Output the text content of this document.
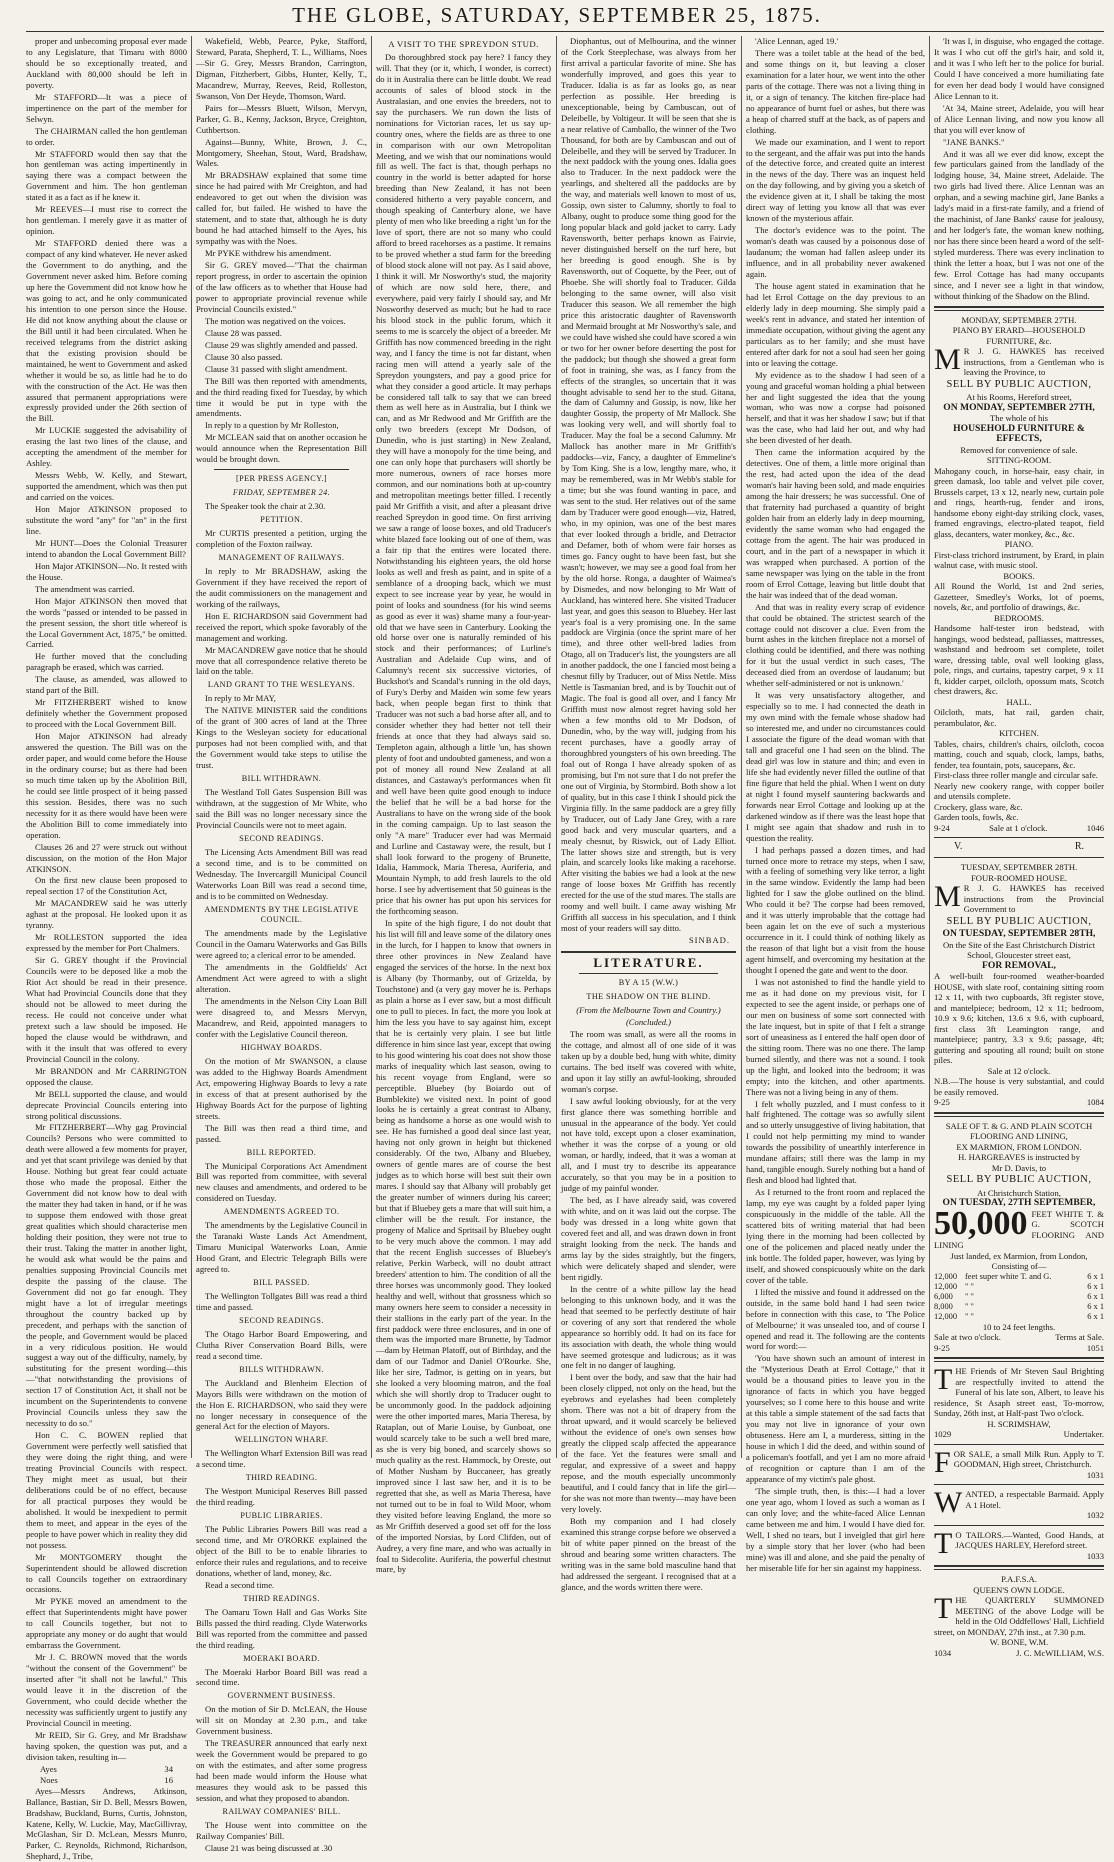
THE GLOBE, SATURDAY, SEPTEMBER 25, 1875.

proper and unbecoming proposal ever made to any Legislature, that Timaru with 8000 should be so exceptionally treated, and Auckland with 80,000 should be left in poverty.

Mr STAFFORD—It was a piece of impertinence on the part of the member for Selwyn.

The CHAIRMAN called the hon gentleman to order.

Mr STAFFORD would then say that the hon gentleman was acting impertinently in saying there was a compact between the Government and him. The hon gentleman stated it as a fact as if he knew it.

Mr REEVES—I must rise to correct the hon gentleman. I merely gave it as matter of opinion.

Mr STAFFORD denied there was a compact of any kind whatever. He never asked the Government to do anything, and the Government never asked him. Before coming up here the Government did not know how he was going to act, and he only communicated his intention to one person since the House. He did not know anything about the clause or the Bill until it had been circulated. When he received telegrams from the district asking that the existing provision should be maintained, he went to Government and asked whether it would be so, as little had he to do with the construction of the Act. He was then assured that permanent appropriations were expressly provided under the 26th section of the Bill.

Mr LUCKIE suggested the advisability of erasing the last two lines of the clause, and accepting the amendment of the member for Ashley.

Messrs Webb, W. Kelly, and Stewart, supported the amendment, which was then put and carried on the voices.

Hon Major ATKINSON proposed to substitute the word "any" for "an" in the first line.

Mr HUNT—Does the Colonial Treasurer intend to abandon the Local Government Bill?

Hon Major ATKINSON—No. It rested with the House.

The amendment was carried.

Hon Major ATKINSON then moved that the words "passed or intended to be passed in the present session, the short title whereof is the Local Government Act, 1875," be omitted. Carried.

He further moved that the concluding paragraph be erased, which was carried.

The clause, as amended, was allowed to stand part of the Bill.

Mr FITZHERBERT wished to know definitely whether the Government proposed to proceed with the Local Government Bill.

Hon Major ATKINSON had already answered the question. The Bill was on the order paper, and would come before the House in the ordinary course; but as there had been so much time taken up by the Abolition Bill, he could see little prospect of it being passed this session. Besides, there was no such necessity for it as there would have been were the Abolition Bill to come immediately into operation.

Clauses 26 and 27 were struck out without discussion, on the motion of the Hon Major ATKINSON.

On the first new clause been proposed to repeal section 17 of the Constitution Act,

Mr MACANDREW said he was utterly aghast at the proposal. He looked upon it as tyranny.

Mr ROLLESTON supported the idea expressed by the member for Port Chalmers.

Sir G. GREY thought if the Provincial Councils were to be deposed like a mob the Riot Act should be read in their presence. What had Provincial Councils done that they should not be allowed to meet during the recess. He could not conceive under what pretext such a law should be imposed. He hoped the clause would be withdrawn, and with it the insult that was offered to every Provincial Council in the colony.

Mr BRANDON and Mr CARRINGTON opposed the clause.

Mr BELL supported the clause, and would deprecate Provincial Councils entering into strong political discussions.

Mr FITZHERBERT—Why gag Provincial Councils? Persons who were committed to death were allowed a few moments for prayer, and yet that scant privilege was denied by that House. Nothing but great fear could actuate those who made the proposal. Either the Government did not know how to deal with the matter they had taken in hand, or if he was to suppose them endowed with those great great qualities which should characterise men holding their position, they were not true to their trust. Taking the matter in another light, he would ask what would be the pains and penalties supposing Provincial Councils met despite the passing of the clause. The Government did not go far enough. They might have a lot of irregular meetings throughout the country backed up by precedent, and perhaps with the sanction of the people, and Government would be placed in a very ridiculous position. He would suggest a way out of the difficulty, namely, by substituting for the present wording—this—"that notwithstanding the provisions of section 17 of Constitution Act, it shall not be incumbent on the Superintendents to convene Provincial Councils unless they saw the necessity to do so."

Hon C. C. BOWEN replied that Government were perfectly well satisfied that they were doing the right thing, and were treating Provincial Councils with respect. They might meet as usual, but their deliberations could be of no effect, because for all practical purposes they would be abolished. It would be inexpedient to permit them to meet, and appear in the eyes of the people to have power which in reality they did not possess.

Mr MONTGOMERY thought the Superintendent should be allowed discretion to call Councils together on extraordinary occasions.

Mr PYKE moved an amendment to the effect that Superintendents might have power to call Councils together, but not to appropriate any money or do aught that would embarrass the Government.

Mr J. C. BROWN moved that the words "without the consent of the Government" be inserted after "it shall not be lawful." This would leave it in the discretion of the Government, who could decide whether the necessity was sufficiently urgent to justify any Provincial Council in meeting.

Mr REID, Sir G. Grey, and Mr Bradshaw having spoken, the question was put, and a division taken, resulting in—

Ayes	34
Noes	16

Ayes—Messrs Andrews, Atkinson, Ballance, Bastian, Sir D. Bell, Messrs Bowen, Bradshaw, Buckland, Burns, Curtis, Johnston, Katene, Kelly, W. Luckie, May, MacGillivray, McGlashan, Sir D. McLean, Messrs Munro, Parker, C. Reynolds, Richmond, Richardson, Shephard, J., Tribe,

Wakefield, Webb, Pearce, Pyke, Stafford, Steward, Parata, Shepherd, T. L., Williams, Noes—Sir G. Grey, Messrs Brandon, Carrington, Digman, Fitzherbert, Gibbs, Hunter, Kelly, T., Macandrew, Murray, Reeves, Reid, Rolleston, Swanson, Von Der Heyde, Thomson, Ward.

Pairs for—Messrs Bluett, Wilson, Mervyn, Parker, G. B., Kenny, Jackson, Bryce, Creighton, Cuthbertson.

Against—Bunny, White, Brown, J. C., Montgomery, Sheehan, Stout, Ward, Bradshaw, Wales.

Mr BRADSHAW explained that some time since he had paired with Mr Creighton, and had endeavored to get out when the division was called for, but failed. He wished to have the statement, and to state that, although he is duty bound he had attached himself to the Ayes, his sympathy was with the Noes.

Mr PYKE withdrew his amendment.

Sir G. GREY moved—"That the chairman report progress, in order to ascertain the opinion of the law officers as to whether that House had power to appropriate provincial revenue while Provincial Councils existed."

The motion was negatived on the voices.

Clause 28 was passed.

Clause 29 was slightly amended and passed.

Clause 30 also passed.

Clause 31 passed with slight amendment.

The Bill was then reported with amendments, and the third reading fixed for Tuesday, by which time it would be put in type with the amendments.

In reply to a question by Mr Rolleston,

Mr MCLEAN said that on another occasion he would announce when the Representation Bill would be brought down.

[PER PRESS AGENCY.]

FRIDAY, SEPTEMBER 24.

The Speaker took the chair at 2.30.

PETITION.

Mr CURTIS presented a petition, urging the completion of the Foxton railway.

MANAGEMENT OF RAILWAYS.

In reply to Mr BRADSHAW, asking the Government if they have received the report of the audit commissioners on the management and working of the railways,

Hon E. RICHARDSON said Government had received the report, which spoke favorably of the management and working.

Mr MACANDREW gave notice that he should move that all correspondence relative thereto be laid on the table.

LAND GRANT TO THE WESLEYANS.

In reply to Mr MAY,

The NATIVE MINISTER said the conditions of the grant of 300 acres of land at the Three Kings to the Wesleyan society for educational purposes had not been complied with, and that the Government would take steps to utilise the trust.

BILL WITHDRAWN.

The Westland Toll Gates Suspension Bill was withdrawn, at the suggestion of Mr White, who said the Bill was no longer necessary since the Provincial Councils were not to meet again.

SECOND READINGS.

The Licensing Acts Amendment Bill was read a second time, and is to be committed on Wednesday. The Invercargill Municipal Council Waterworks Loan Bill was read a second time, and is to be committed on Wednesday.

AMENDMENTS BY THE LEGISLATIVE COUNCIL.

The amendments made by the Legislative Council in the Oamaru Waterworks and Gas Bills were agreed to; a clerical error to be amended.

The amendments in the Goldfields' Act Amendment Act were agreed to with a slight alteration.

The amendments in the Nelson City Loan Bill were disagreed to, and Messrs Mervyn, Macandrew, and Reid, appointed managers to confer with the Legislative Council thereon.

HIGHWAY BOARDS.

On the motion of Mr SWANSON, a clause was added to the Highway Boards Amendment Act, empowering Highway Boards to levy a rate in excess of that at present authorised by the Highway Boards Act for the purpose of lighting streets.

The Bill was then read a third time, and passed.

BILL REPORTED.

The Municipal Corporations Act Amendment Bill was reported from committee, with several new clauses and amendments, and ordered to be considered on Tuesday.

AMENDMENTS AGREED TO.

The amendments by the Legislative Council in the Taranaki Waste Lands Act Amendment, Timaru Municipal Waterworks Loan, Annie Hood Grant, and Electric Telegraph Bills were agreed to.

BILL PASSED.

The Wellington Tollgates Bill was read a third time and passed.

SECOND READINGS.

The Otago Harbor Board Empowering, and Clutha River Conservation Board Bills, were read a second time.

BILLS WITHDRAWN.

The Auckland and Blenheim Election of Mayors Bills were withdrawn on the motion of the Hon E. RICHARDSON, who said they were no longer necessary in consequence of the general Act for the election of Mayors.

WELLINGTON WHARF.

The Wellington Wharf Extension Bill was read a second time.

THIRD READING.

The Westport Municipal Reserves Bill passed the third reading.

PUBLIC LIBRARIES.

The Public Libraries Powers Bill was read a second time, and Mr O'RORKE explained the object of the Bill to be to enable libraries to enforce their rules and regulations, and to receive donations, whether of land, money, &c.

Read a second time.

THIRD READINGS.

The Oamaru Town Hall and Gas Works Site Bills passed the third reading. Clyde Waterworks Bill was reported from the committee and passed the third reading.

MOERAKI BOARD.

The Moeraki Harbor Board Bill was read a second time.

GOVERNMENT BUSINESS.

On the motion of Sir D. McLEAN, the House will sit on Monday at 2.30 p.m., and take Government business.

The TREASURER announced that early next week the Government would be prepared to go on with the estimates, and after some progress had been made would inform the House what measures they would ask to be passed this session, and what they proposed to abandon.

RAILWAY COMPANIES' BILL.

The House went into committee on the Railway Companies' Bill.

Clause 21 was being discussed at .30

A VISIT TO THE SPREYDON STUD.

Do thoroughbred stock pay here? I fancy they will. That they (or it, which, I wonder, is correct) do it in Australia there can be little doubt. We read accounts of sales of blood stock in the Australasian, and one envies the breeders, not to say the purchasers. We run down the lists of nominations for Victorian races, let us say up-country ones, where the fields are as three to one in comparison with our own Metropolitan Meeting, and we wish that our nominations would fill as well. The fact is that, though perhaps no country in the world is better adapted for horse breeding than New Zealand, it has not been considered hitherto a very payable concern, and though speaking of Canterbury alone, we have plenty of men who like breeding a right 'un for the love of sport, there are not so many who could afford to breed racehorses as a pastime. It remains to be proved whether a stud farm for the breeding of blood stock alone will not pay. As I said above, I think it will. Mr Nosworthy's stud, the majority of which are now sold here, there, and everywhere, paid very fairly I should say, and Mr Nosworthy deserved as much; but he had to race his blood stock in the public forum, which it seems to me is scarcely the object of a breeder. Mr Griffith has now commenced breeding in the right way, and I fancy the time is not far distant, when racing men will attend a yearly sale of the Spreydon youngsters, and pay a good price for what they consider a good article. It may perhaps be considered tall talk to say that we can breed them as well here as in Australia, but I think we can, and as Mr Redwood and Mr Griffith are the only two breeders (except Mr Dodson, of Dunedin, who is just starting) in New Zealand, they will have a monopoly for the time being, and one can only hope that purchasers will shortly be more numerous, owners of race horses more common, and our nominations both at up-country and metropolitan meetings better filled. I recently paid Mr Griffith a visit, and after a pleasant drive reached Spreydon in good time. On first arriving we saw a range of loose boxes, and old Traducer's white blazed face looking out of one of them, was a fair tip that the entires were located there. Notwithstanding his eighteen years, the old horse looks as well and fresh as paint, and in spite of a semblance of a drooping back, which we must expect to see increase year by year, he would in point of looks and soundness (for his wind seems as good as ever it was) shame many a four-year-old that we have seen in Canterbury. Looking the old horse over one is naturally reminded of his stock and their performances; of Lurline's Australian and Adelaide Cup wins, and of Calumny's recent six successive victories, of Buckshot's and Scandal's running in the old days, of Fury's Derby and Maiden win some few years back, when people began first to think that Traducer was not such a bad horse after all, and to consider whether they had better not tell their friends at once that they had always said so. Templeton again, although a little 'un, has shown plenty of foot and undoubted gameness, and won a pot of money all round New Zealand at all distances, and Castaway's performances when fit and well have been quite good enough to induce the belief that he will be a bad horse for the Australians to have on the wrong side of the book in the coming campaign. Up to last season the only "A mare" Traducer ever had was Mermaid and Lurline and Castaway were, the result, but I shall look forward to the progeny of Brunette, Idalia, Hammock, Maria Theresa, Auriferia, and Mountain Nymph, to add fresh laurels to the old horse. I see by advertisement that 50 guineas is the price that his owner has put upon his services for the forthcoming season.

In spite of the high figure, I do not doubt that his list will fill and leave some of the dilatory ones in the lurch, for I happen to know that owners in three other provinces in New Zealand have engaged the services of the horse. In the next box is Albany (by Thormanby, out of Grizelda, by Touchstone) and (a very gay mover he is. Perhaps as plain a horse as I ever saw, but a most difficult one to pull to pieces. In fact, the more you look at him the less you have to say against him, except that he is certainly very plain. I see but little difference in him since last year, except that owing to his good wintering his coat does not show those marks of inequality which last season, owing to his recent voyage from England, were so perceptible. Bluebey (by Boiardo out of Bumblekite) we visited next. In point of good looks he is certainly a great contrast to Albany, being as handsome a horse as one would wish to see. He has furnished a good deal since last year, having not only grown in height but thickened considerably. Of the two, Albany and Bluebey, owners of gentle mares are of course the best judges as to which horse will best suit their own mares. I should say that Albany will probably get the greater number of winners during his career; but that if Bluebey gets a mare that will suit him, a climber will be the result. For instance, the progeny of Malice and Spritsail by Bluebey ought to be very much above the common. I may add that the recent English successes of Bluebey's relative, Perkin Warbeck, will no doubt attract breeders' attention to him. The condition of all the three horses was uncommonly good. They looked healthy and well, without that grossness which so many owners here seem to consider a necessity in their stallions in the early part of the year. In the first paddock were three enclosures, and in one of them was the imported mare Brunette, by Tadmor—dam by Hetman Platoff, out of Birthday, and the dam of our Tadmor and Daniel O'Rourke. She, like her sire, Tadmor, is getting on in years, but she looked a very blooming matron, and the foal which she will shortly drop to Traducer ought to be uncommonly good. In the paddock adjoining were the other imported mares, Maria Theresa, by Rataplan, out of Marie Louise, by Gunboat, one would scarcely take to be such a well bred mare, as she is very big boned, and scarcely shows so much quality as the rest. Hammock, by Oreste, out of Mother Nusham by Buccaneer, has greatly improved since I last saw her, and it is to be regretted that she, as well as Maria Theresa, have not turned out to be in foal to Wild Moor, whom they visited before leaving England, the more so as Mr Griffith deserved a good set off for the loss of the imported Norsias, by Lord Clifden, out of Audrey, a very fine mare, and who was actually in foal to Sidecolite. Auriferia, the powerful chestnut mare, by

Diophantus, out of Melbourina, and the winner of the Cork Steeplechase, was always from her first arrival a particular favorite of mine. She has wonderfully improved, and goes this year to Traducer. Idalia is as far as looks go, as near perfection as possible. Her breeding is unexceptionable, being by Cambuscan, out of Deleibelle, by Voltigeur. It will be seen that she is a near relative of Camballo, the winner of the Two Thousand, for both are by Cambuscan and out of Deleibelle, and they will be served by Traducer. In the next paddock with the young ones. Idalia goes also to Traducer. In the next paddock were the yearlings, and sheltered all the paddocks are by the way, and materials well known to most of us, Gossip, own sister to Calumny, shortly to foal to Albany, ought to produce some thing good for the long popular black and gold jacket to carry. Lady Ravensworth, better perhaps known as Fairvie, never distinguished herself on the turf here, but her breeding is good enough. She is by Ravensworth, out of Coquette, by the Peer, out of Phoebe. She will shortly foal to Traducer. Gilda belonging to the same owner, will also visit Traducer this season. We all remember the high price this aristocratic daughter of Ravensworth and Mermaid brought at Mr Nosworthy's sale, and we could have wished she could have scored a win or two for her owner before deserting the post for the paddock; but though she showed a great form of foot in training, she was, as I fancy from the effects of the strangles, so uncertain that it was thought advisable to send her to the stud. Gitana, the dam of Calumny and Gossip, is now, like her daughter Gossip, the property of Mr Mallock. She was looking very well, and will shortly foal to Traducer. May the foal be a second Calumny. Mr Mallock has another mare in Mr Griffith's paddocks—viz, Fancy, a daughter of Emmeline's by Tom King. She is a low, lengthy mare, who, it may be remembered, was in Mr Webb's stable for a time; but she was found wanting in pace, and was sent to the stud. Her relatives out of the same dam by Traducer were good enough—viz, Hatred, who, in my opinion, was one of the best mares that ever looked through a bridle, and Detractor and Defamer, both of whom were fair horses as times go. Fancy ought to have been fast, but she wasn't; however, we may see a good foal from her by the old horse. Ronga, a daughter of Waimea's by Dismedes, and now belonging to Mr Watt of Auckland, has wintered here. She visited Traducer last year, and goes this season to Bluebey. Her last year's foal is a very promising one. In the same paddock are Virginia (once the sprint mare of her time), and three other well-bred ladies from Otago, all on Traducer's list, the youngsters are all in another paddock, the one I fancied most being a chesnut filly by Traducer, out of Miss Nettle. Miss Nettle is Tasmanian bred, and is by Touchit out of Magic. The foal is good all over, and I fancy Mr Griffith must now almost regret having sold her when a few months old to Mr Dodson, of Dunedin, who, by the way will, judging from his recent purchases, have a goodly array of thoroughbred youngsters of his own breeding. The foal out of Ronga I have already spoken of as promising, but I'm not sure that I do not prefer the one out of Virginia, by Stormbird. Both show a lot of quality, but in this case I think I should pick the Virginia filly. In the same paddock are a grey filly by Traducer, out of Lady Jane Grey, with a rare good back and very muscular quarters, and a mealy chesnut, by Riswick, out of Lady Elliot. The latter shows size and strength, but is very plain, and scarcely looks like making a racehorse. After visiting the babies we had a look at the new range of loose boxes Mr Griffith has recently erected for the use of the stud mares. The stalls are roomy and well built. I came away wishing Mr Griffith all success in his speculation, and I think most of your readers will say ditto.

SINBAD.

LITERATURE.

BY A 15 (W.W.)

THE SHADOW ON THE BLIND.

(From the Melbourne Town and Country.)

(Concluded.)

The room was small, as were all the rooms in the cottage, and almost all of one side of it was taken up by a double bed, hung with white, dimity curtains. The bed itself was covered with white, and upon it lay stilly an awful-looking, shrouded woman's corpse.

I saw awful looking obviously, for at the very first glance there was something horrible and unusual in the appearance of the body. Yet could not have told, except upon a closer examination, whether it was the corpse of a young or old woman, or hardly, indeed, that it was a woman at all, and I must try to describe its appearance accurately, so that you may be in a position to judge of my painful wonder.

The bed, as I have already said, was covered with white, and on it was laid out the corpse. The body was dressed in a long white gown that covered feet and all, and was drawn down in front straight looking from the neck. The hands and arms lay by the sides straightly, but the fingers, which were delicately shaped and slender, were bent rigidly.

In the centre of a white pillow lay the head belonging to this unknown body, and it was the head that seemed to be perfectly destitute of hair or covering of any sort that rendered the whole appearance so horribly odd. It had on its face for its association with death, the whole thing would have seemed grotesque and ludicrous; as it was one felt in no danger of laughing.

I bent over the body, and saw that the hair had been closely clipped, not only on the head, but the eyebrows and eyelashes had been completely shorn. There was not a bit of drapery from the throat upward, and it would scarcely be believed without the evidence of one's own senses how greatly the clipped scalp affected the appearance of the face. Yet the features were small and regular, and expressive of a sweet and happy repose, and the mouth especially uncommonly beautiful, and I could fancy that in life the girl—for she was not more than twenty—may have been very lovely.

Both my companion and I had closely examined this strange corpse before we observed a bit of white paper pinned on the breast of the shroud and bearing some written characters. The writing was in the same bold masculine hand that had addressed the sergeant. I recognised that at a glance, and the words written there were.

'Alice Lennan, aged 19.'

There was a toilet table at the head of the bed, and some things on it, but leaving a closer examination for a later hour, we went into the other parts of the cottage. There was not a living thing in it, or a sign of tenancy. The kitchen fire-place had no appearance of burnt fuel or ashes, but there was a heap of charred stuff at the back, as of papers and clothing.

We made our examination, and I went to report to the sergeant, and the affair was put into the hands of the detective force, and created quite an interest in the news of the day. There was an inquest held on the day following, and by giving you a sketch of the evidence given at it, I shall be taking the most direct way of letting you know all that was ever known of the mysterious affair.

The doctor's evidence was to the point. The woman's death was caused by a poisonous dose of laudanum; the woman had fallen asleep under its influence, and in all probability never awakened again.

The house agent stated in examination that he had let Errol Cottage on the day previous to an elderly lady in deep mourning. She simply paid a week's rent in advance, and stated her intention of immediate occupation, without giving the agent any particulars as to her family; and she must have entered after dark for not a soul had seen her going into or leaving the cottage.

My evidence as to the shadow I had seen of a young and graceful woman holding a phial between her and light suggested the idea that the young woman, who was now a corpse had poisoned herself, and that it was her shadow I saw; but if that was the case, who had laid her out, and why had she been divested of her death.

Then came the information acquired by the detectives. One of them, a little more original than the rest, had acted upon the idea of the dead woman's hair having been sold, and made enquiries among the hair dressers; he was successful. One of that fraternity had purchased a quantity of bright golden hair from an elderly lady in deep mourning, evidently the same woman who had engaged the cottage from the agent. The hair was produced in court, and in the part of a newspaper in which it was wrapped when purchased. A portion of the same newspaper was lying on the table in the front room of Errol Cottage, leaving but little doubt that the hair was indeed that of the dead woman.

And that was in reality every scrap of evidence that could be obtained. The strictest search of the cottage could not discover a clue. Even from the burnt ashes in the kitchen fireplace not a morsel of clothing could be identified, and there was nothing for it but the usual verdict in such cases, 'The deceased died from an overdose of laudanum; but whether self-administered or not is unknown.'

It was very unsatisfactory altogether, and especially so to me. I had connected the death in my own mind with the female whose shadow had so interested me, and under no circumstances could I associate the figure of the dead woman with that tall and graceful one I had seen on the blind. The dead girl was low in stature and thin; and even in life she had evidently never filled the outline of that fine figure that held the phial. When I went on duty at night I found myself sauntering backwards and forwards near Errol Cottage and looking up at the darkened window as if there was the least hope that I might see again that shadow and rush in to question the reality.

I had perhaps passed a dozen times, and had turned once more to retrace my steps, when I saw, with a feeling of something very like terror, a light in the same window. Evidently the lamp had been lighted for I saw the globe outlined on the blind. Who could it be? The corpse had been removed, and it was utterly improbable that the cottage had been again let on the eve of such a mysterious occurrence in it. I could think of nothing likely as the reason of that light but a visit from the house agent himself, and overcoming my hesitation at the thought I opened the gate and went to the door.

I was not astonished to find the handle yield to me as it had done on my previous visit, for I expected to see the agent inside, or perhaps one of our men on business of some sort connected with the late inquest, but in spite of that I felt a strange sort of uneasiness as I entered the half open door of the sitting room. There was no one there. The lamp burned silently, and there was not a sound. I took up the light, and looked into the bedroom; it was empty; into the kitchen, and other apartments. There was not a living being in any of them.

I felt wholly puzzled, and I must confess to it half frightened. The cottage was so awfully silent and so utterly unsuggestive of living habitation, that I could not help permitting my mind to wander towards the possibility of unearthly interference in mundane affairs; still there was the lamp in my hand, tangible enough. Surely nothing but a hand of flesh and blood had lighted that.

As I returned to the front room and replaced the lamp, my eye was caught by a folded paper lying conspicuously in the middle of the table. All the scattered bits of writing material that had been lying there in the morning had been collected by one of the policemen and placed neatly under the ink bottle. The folded paper, however, was lying by itself, and showed conspicuously white on the dark cover of the table.

I lifted the missive and found it addressed on the outside, in the same bold hand I had seen twice before in connection with this case, to 'The Police of Melbourne;' it was unsealed too, and of course I opened and read it. The following are the contents word for word:—

'You have shown such an amount of interest in the "Mysterious Death at Errol Cottage," that it would be a thousand pities to leave you in the ignorance of facts in which you have begged yourselves; so I come here to this house and write at this table a simple statement of the sad facts that you may not live in ignorance of your own obtuseness. Here am I, a murderess, sitting in the house in which I did the deed, and within sound of a policeman's footfall, and yet I am no more afraid of recognition or capture than I am of the appearance of my victim's pale ghost.

'The simple truth, then, is this:—I had a lover one year ago, whom I loved as such a woman as I can only love; and the white-faced Alice Lennan came between me and him. I would I have died for. Well, I shed no tears, but I inveigled that girl here by a simple story that her lover (who had been mine) was ill and alone, and she paid the penalty of her miserable life for her sin against my happiness.

'It was I, in disguise, who engaged the cottage. It was I who cut off the girl's hair, and sold it, and it was I who left her to the police for burial. Could I have conceived a more humiliating fate for even her dead body I would have consigned Alice Lennan to it.

'At 34, Maine street, Adelaide, you will hear of Alice Lennan living, and now you know all that you will ever know of

"JANE BANKS."

And it was all we ever did know, except the few particulars gained from the landlady of the lodging house, 34, Maine street, Adelaide. The two girls had lived there. Alice Lennan was an orphan, and a sewing machine girl, Jane Banks a lady's maid in a first-rate family, and a friend of the machinist, of Jane Banks' cause for jealousy, and her lodger's fate, the woman knew nothing, nor has there since been heard a word of the self-styled murderess. There was every inclination to think the letter a hoax, but I was not one of the few. Errol Cottage has had many occupants since, and I never see a light in that window, without thinking of the Shadow on the Blind.

MONDAY, SEPTEMBER 27TH.

PIANO BY ERARD—HOUSEHOLD FURNITURE, &c.

M R J. G. HAWKES has received instructions, from a Gentleman who is leaving the Province, to

SELL BY PUBLIC AUCTION,

At his Rooms, Hereford street,

ON MONDAY, SEPTEMBER 27TH,

The whole of his

HOUSEHOLD FURNITURE & EFFECTS,

Removed for convenience of sale.

SITTING-ROOM.

Mahogany couch, in horse-hair, easy chair, in green damask, loo table and velvet pile cover, Brussels carpet, 13 x 12, nearly new, curtain pole and rings, hearth-rug, fender and irons, handsome ebony eight-day striking clock, vases, framed engravings, electro-plated teapot, field glass, decanters, water monkey, &c., &c.

PIANO.

First-class trichord instrument, by Erard, in plain walnut case, with music stool.

BOOKS.

All Round the World, 1st and 2nd series, Gazetteer, Smedley's Works, lot of poems, novels, &c, and portfolio of drawings, &c.

BEDROOMS.

Handsome half-tester iron bedstead, with hangings, wood bedstead, palliasses, mattresses, washstand and bedroom set complete, toilet ware, dressing table, oval well looking glass, pole, rings, and curtains, tapestry carpet, 9 x 11 ft, kidder carpet, oilcloth, opossum mats, Scotch chest drawers, &c.

HALL.

Oilcloth, mats, hat rail, garden chair, perambulator, &c.

KITCHEN.

Tables, chairs, children's chairs, oilcloth, cocoa matting, couch and squab, clock, lamps, baths, fender, tea fountain, pots, saucepans, &c.

First-class three roller mangle and circular safe.

Nearly new cookery range, with copper boiler and utensils complete.

Crockery, glass ware, &c.

Garden tools, fowls, &c.

9-24	Sale at 1 o'clock.	1046

V.	R.

TUESDAY, SEPTEMBER 28TH.

FOUR-ROOMED HOUSE.

M R J. G. HAWKES has received instructions from the Provincial Government to

SELL BY PUBLIC AUCTION,

ON TUESDAY, SEPTEMBER 28TH,

On the Site of the East Christchurch District School, Gloucester street east,

FOR REMOVAL,

A well-built four-roomed weather-boarded HOUSE, with slate roof, containing sitting room 12 x 11, with two cupboards, 3ft register stove, and mantelpiece; bedroom, 12 x 11; bedroom, 10.9 x 9.6; kitchen, 13.6 x 9.6, with cupboard, first class 3ft Leamington range, and mantelpiece; pantry, 3.3 x 9.6; passage, 4ft; guttering and spouting all round; built on stone piles.

Sale at 12 o'clock.

N.B.—The house is very substantial, and could be easily removed.

9-25	1084

SALE OF T. & G. AND PLAIN SCOTCH FLOORING AND LINING,

EX MARMION, FROM LONDON.

H. HARGREAVES is instructed by

Mr D. Davis, to

SELL BY PUBLIC AUCTION,

At Christchurch Station,

ON TUESDAY, 27TH SEPTEMBER,

50,000 FEET WHITE T. & G. SCOTCH FLOORING AND LINING

Just landed, ex Marmion, from London, Consisting of—

12,000	feet super white T. and G.	6 x 1
12,000	" "	6 x 1
6,000	" "	6 x 1
8,000	" "	6 x 1
12,000	" "	6 x 1

10 to 24 feet lengths.

Sale at two o'clock.	Terms at Sale.

9-25	1051

THE Friends of Mr Steven Saul Brighting are respectfully invited to attend the Funeral of his late son, Albert, to leave his residence, St Asaph street east, To-morrow, Sunday, 26th inst, at Half-past Two o'clock.

H. SCRIMSHAW,

1029	Undertaker.

FOR SALE, a small Milk Run. Apply to T. GOODMAN, High street, Christchurch.

1031

WANTED, a respectable Barmaid. Apply A 1 Hotel.

1032

T O TAILORS.—Wanted, Good Hands, at JACQUES HARLEY, Hereford street.

1033

P.A.F.S.A.

QUEEN'S OWN LODGE.

THE QUARTERLY SUMMONED MEETING of the above Lodge will be held in the Old Oddfellows' Hall, Lichfield street, on MONDAY, 27th inst., at 7.30 p.m.

W. BONE, W.M.

1034	J. C. McWILLIAM, W.S.
